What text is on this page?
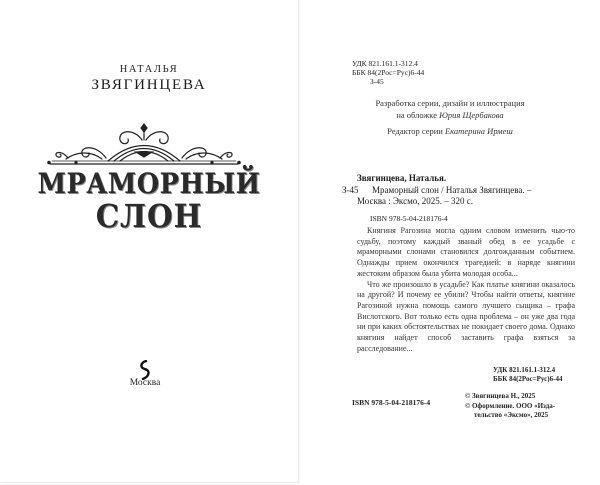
НАТАЛЬЯ
ЗВЯГИНЦЕВА
МРАМОРНЫЙ
СЛОН
Москва
УДК 821.161.1-312.4
ББК 84(2Рос=Рус)6-44
З-45
Разработка серии, дизайн и иллюстрация
на обложке Юрия Щербакова
Редактор серии Екатерина Ирмеш
Звягинцева, Наталья.
З-45	Мраморный слон / Наталья Звягинцева. –
Москва : Эксмо, 2025. – 320 с.
ISBN 978-5-04-218176-4

Княгиня Рагозина могла одним словом изменить чью-то судьбу, поэтому каждый званый обед в ее усадьбе с мраморными слонами становился долгожданным событием. Однажды прием окончился трагедией: в наряде княгини жестоким образом была убита молодая особа...

Что же произошло в усадьбе? Как платье княгини оказалось на другой? И почему ее убили? Чтобы найти ответы, княгине Рагозиной нужна помощь самого лучшего сыщика – графа Вислотского. Вот только есть одна проблема – он уже два года ни при каких обстоятельствах не покидает своего дома. Однако княгиня найдет способ заставить графа взяться за расследование...

УДК 821.161.1-312.4
ББК 84(2Рос=Рус)6-44
© Звягинцева Н., 2025
© Оформление. ООО «Изда-
тельство «Эксмо», 2025
ISBN 978-5-04-218176-4
